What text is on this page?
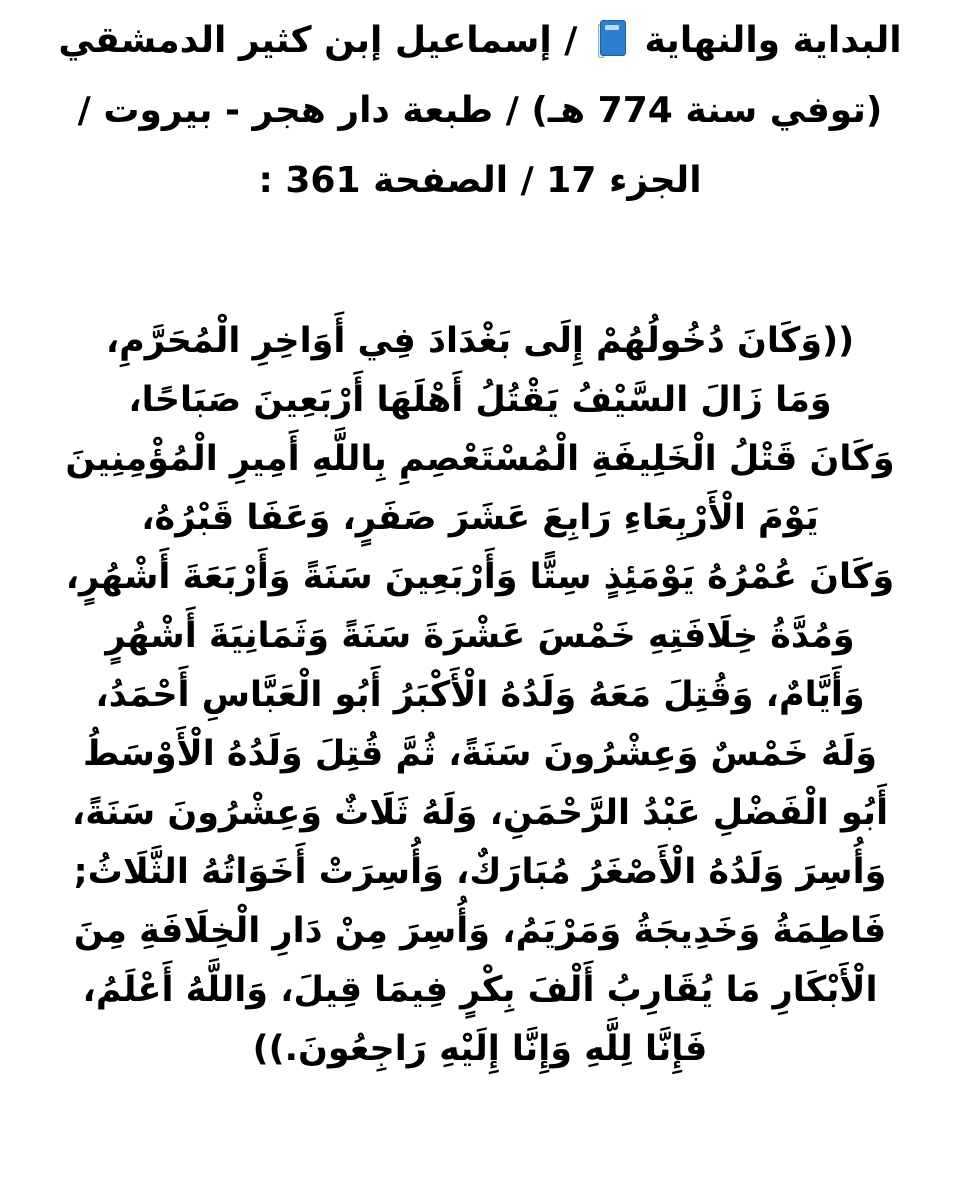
البداية والنهاية
/ إسماعيل إبن كثير الدمشقي
(توفي سنة 774 هـ) / طبعة دار هجر - بيروت /
الجزء 17 / الصفحة 361 :
((وَكَانَ دُخُولُهُمْ إِلَى بَغْدَادَ فِي أَوَاخِرِ الْمُحَرَّمِ،
وَمَا زَالَ السَّيْفُ يَقْتُلُ أَهْلَهَا أَرْبَعِينَ صَبَاحًا،
وَكَانَ قَتْلُ الْخَلِيفَةِ الْمُسْتَعْصِمِ بِاللَّهِ أَمِيرِ الْمُؤْمِنِينَ
يَوْمَ الْأَرْبِعَاءِ رَابِعَ عَشَرَ صَفَرٍ، وَعَفَا قَبْرُهُ،
وَكَانَ عُمْرُهُ يَوْمَئِذٍ سِتًّا وَأَرْبَعِينَ سَنَةً وَأَرْبَعَةَ أَشْهُرٍ،
وَمُدَّةُ خِلَافَتِهِ خَمْسَ عَشْرَةَ سَنَةً وَثَمَانِيَةَ أَشْهُرٍ
وَأَيَّامٌ، وَقُتِلَ مَعَهُ وَلَدُهُ الْأَكْبَرُ أَبُو الْعَبَّاسِ أَحْمَدُ،
وَلَهُ خَمْسٌ وَعِشْرُونَ سَنَةً، ثُمَّ قُتِلَ وَلَدُهُ الْأَوْسَطُ
أَبُو الْفَضْلِ عَبْدُ الرَّحْمَنِ، وَلَهُ ثَلَاثٌ وَعِشْرُونَ سَنَةً،
وَأُسِرَ وَلَدُهُ الْأَصْغَرُ مُبَارَكٌ، وَأُسِرَتْ أَخَوَاتُهُ الثَّلَاثُ;
فَاطِمَةُ وَخَدِيجَةُ وَمَرْيَمُ، وَأُسِرَ مِنْ دَارِ الْخِلَافَةِ مِنَ
الْأَبْكَارِ مَا يُقَارِبُ أَلْفَ بِكْرٍ فِيمَا قِيلَ، وَاللَّهُ أَعْلَمُ،
فَإِنَّا لِلَّهِ وَإِنَّا إِلَيْهِ رَاجِعُونَ.))
